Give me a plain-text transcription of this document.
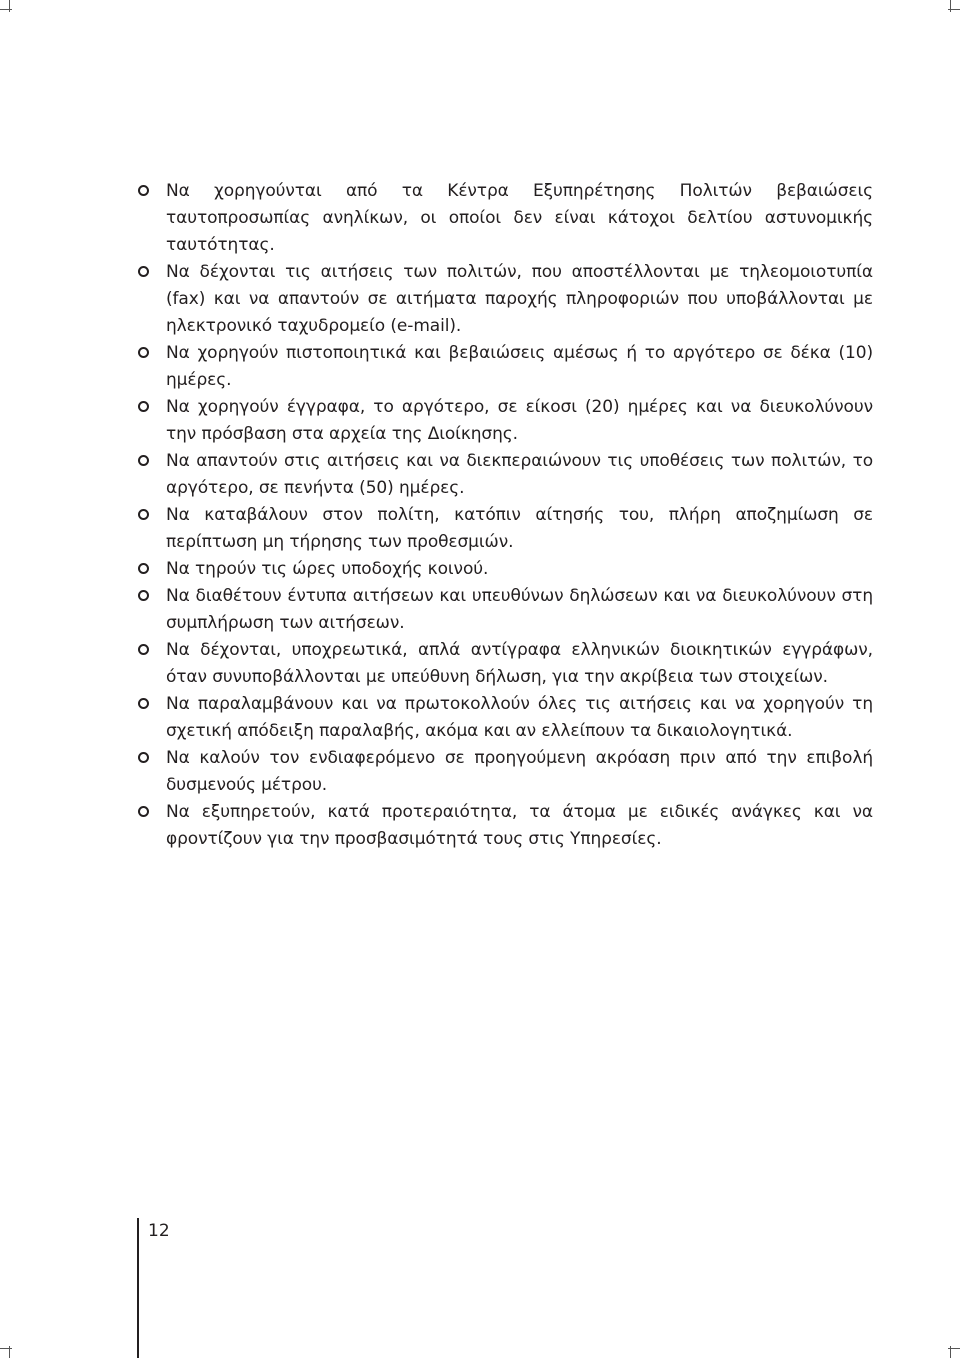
Να χορηγούνται από τα Κέντρα Εξυπηρέτησης Πολιτών βεβαιώσεις ταυτοπροσωπίας ανηλίκων, οι οποίοι δεν είναι κάτοχοι δελτίου αστυνομικής ταυτότητας.
Να δέχονται τις αιτήσεις των πολιτών, που αποστέλλονται με τηλεομοιοτυπία (fax) και να απαντούν σε αιτήματα παροχής πληροφοριών που υποβάλλονται με ηλεκτρονικό ταχυδρομείο (e-mail).
Να χορηγούν πιστοποιητικά και βεβαιώσεις αμέσως ή το αργότερο σε δέκα (10) ημέρες.
Να χορηγούν έγγραφα, το αργότερο, σε είκοσι (20) ημέρες και να διευκολύνουν την πρόσβαση στα αρχεία της Διοίκησης.
Να απαντούν στις αιτήσεις και να διεκπεραιώνουν τις υποθέσεις των πολιτών, το αργότερο, σε πενήντα (50) ημέρες.
Να καταβάλουν στον πολίτη, κατόπιν αίτησής του, πλήρη αποζημίωση σε περίπτωση μη τήρησης των προθεσμιών.
Να τηρούν τις ώρες υποδοχής κοινού.
Να διαθέτουν έντυπα αιτήσεων και υπευθύνων δηλώσεων και να διευκολύνουν στη συμπλήρωση των αιτήσεων.
Να δέχονται, υποχρεωτικά, απλά αντίγραφα ελληνικών διοικητικών εγγράφων, όταν συνυποβάλλονται με υπεύθυνη δήλωση, για την ακρίβεια των στοιχείων.
Να παραλαμβάνουν και να πρωτοκολλούν όλες τις αιτήσεις και να χορηγούν τη σχετική απόδειξη παραλαβής, ακόμα και αν ελλείπουν τα δικαιολογητικά.
Να καλούν τον ενδιαφερόμενο σε προηγούμενη ακρόαση πριν από την επιβολή δυσμενούς μέτρου.
Να εξυπηρετούν, κατά προτεραιότητα, τα άτομα με ειδικές ανάγκες και να φροντίζουν για την προσβασιμότητά τους στις Υπηρεσίες.
12
